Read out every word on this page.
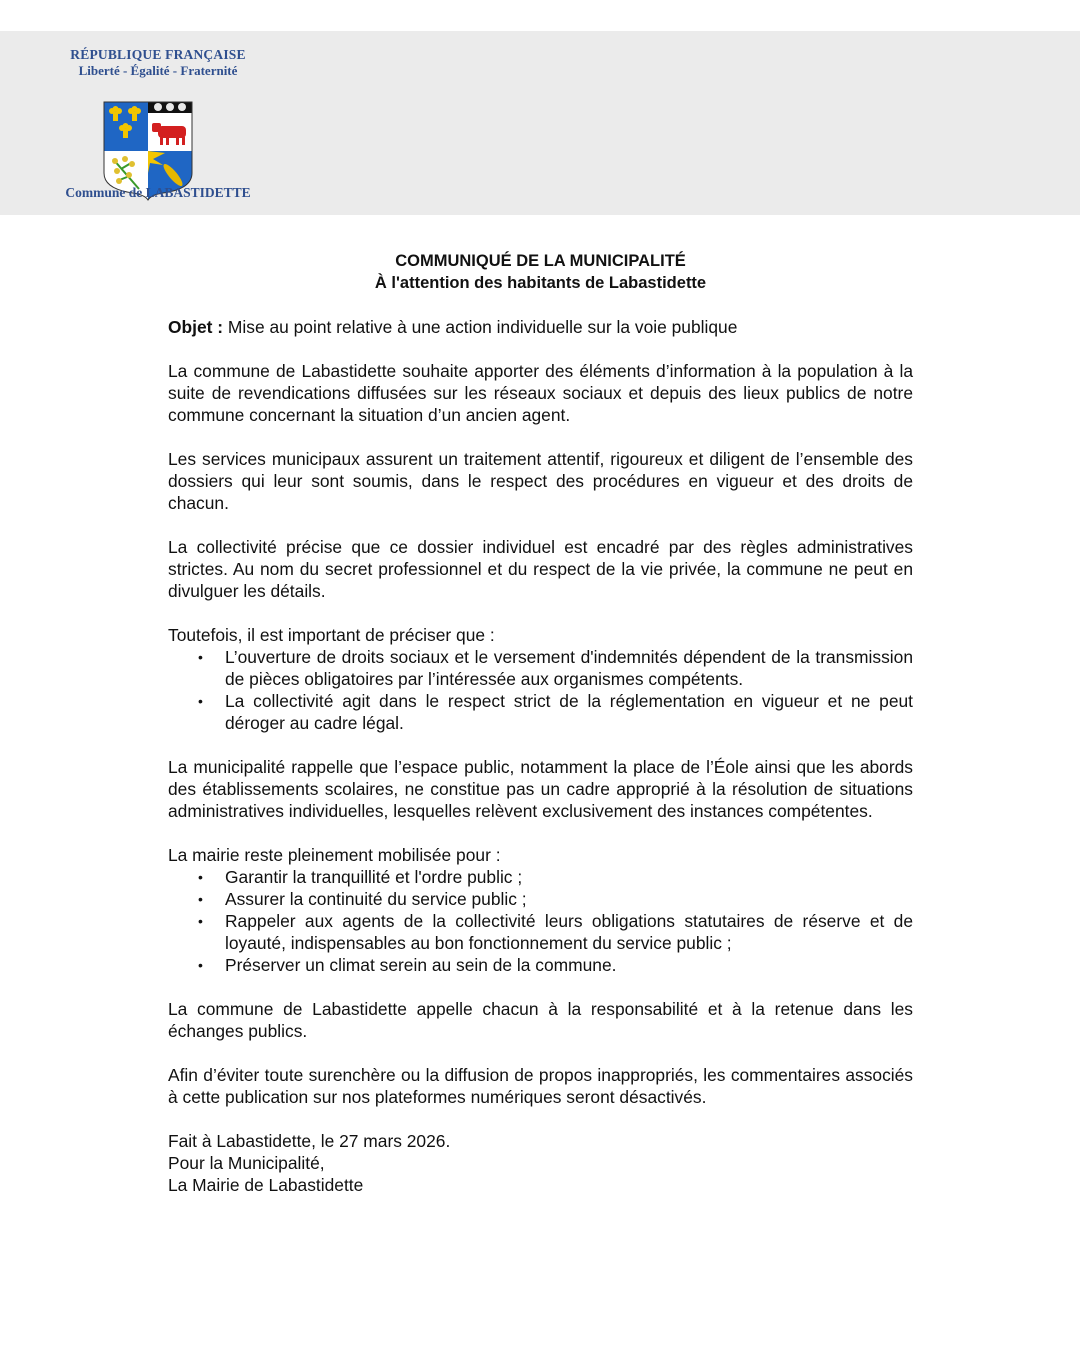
RÉPUBLIQUE FRANÇAISE
Liberté - Égalité - Fraternité
Commune de LABASTIDETTE
COMMUNIQUÉ DE LA MUNICIPALITÉ
À l'attention des habitants de Labastidette
Objet : Mise au point relative à une action individuelle sur la voie publique

La commune de Labastidette souhaite apporter des éléments d’information à la population à la suite de revendications diffusées sur les réseaux sociaux et depuis des lieux publics de notre commune concernant la situation d’un ancien agent.

Les services municipaux assurent un traitement attentif, rigoureux et diligent de l’ensemble des dossiers qui leur sont soumis, dans le respect des procédures en vigueur et des droits de chacun.

La collectivité précise que ce dossier individuel est encadré par des règles administratives strictes. Au nom du secret professionnel et du respect de la vie privée, la commune ne peut en divulguer les détails.

Toutefois, il est important de préciser que :

• L’ouverture de droits sociaux et le versement d'indemnités dépendent de la transmission de pièces obligatoires par l’intéressée aux organismes compétents.
• La collectivité agit dans le respect strict de la réglementation en vigueur et ne peut déroger au cadre légal.

La municipalité rappelle que l’espace public, notamment la place de l’Éole ainsi que les abords des établissements scolaires, ne constitue pas un cadre approprié à la résolution de situations administratives individuelles, lesquelles relèvent exclusivement des instances compétentes.

La mairie reste pleinement mobilisée pour :

• Garantir la tranquillité et l'ordre public ;
• Assurer la continuité du service public ;
• Rappeler aux agents de la collectivité leurs obligations statutaires de réserve et de loyauté, indispensables au bon fonctionnement du service public ;
• Préserver un climat serein au sein de la commune.

La commune de Labastidette appelle chacun à la responsabilité et à la retenue dans les échanges publics.

Afin d’éviter toute surenchère ou la diffusion de propos inappropriés, les commentaires associés à cette publication sur nos plateformes numériques seront désactivés.

Fait à Labastidette, le 27 mars 2026.
Pour la Municipalité,
La Mairie de Labastidette
